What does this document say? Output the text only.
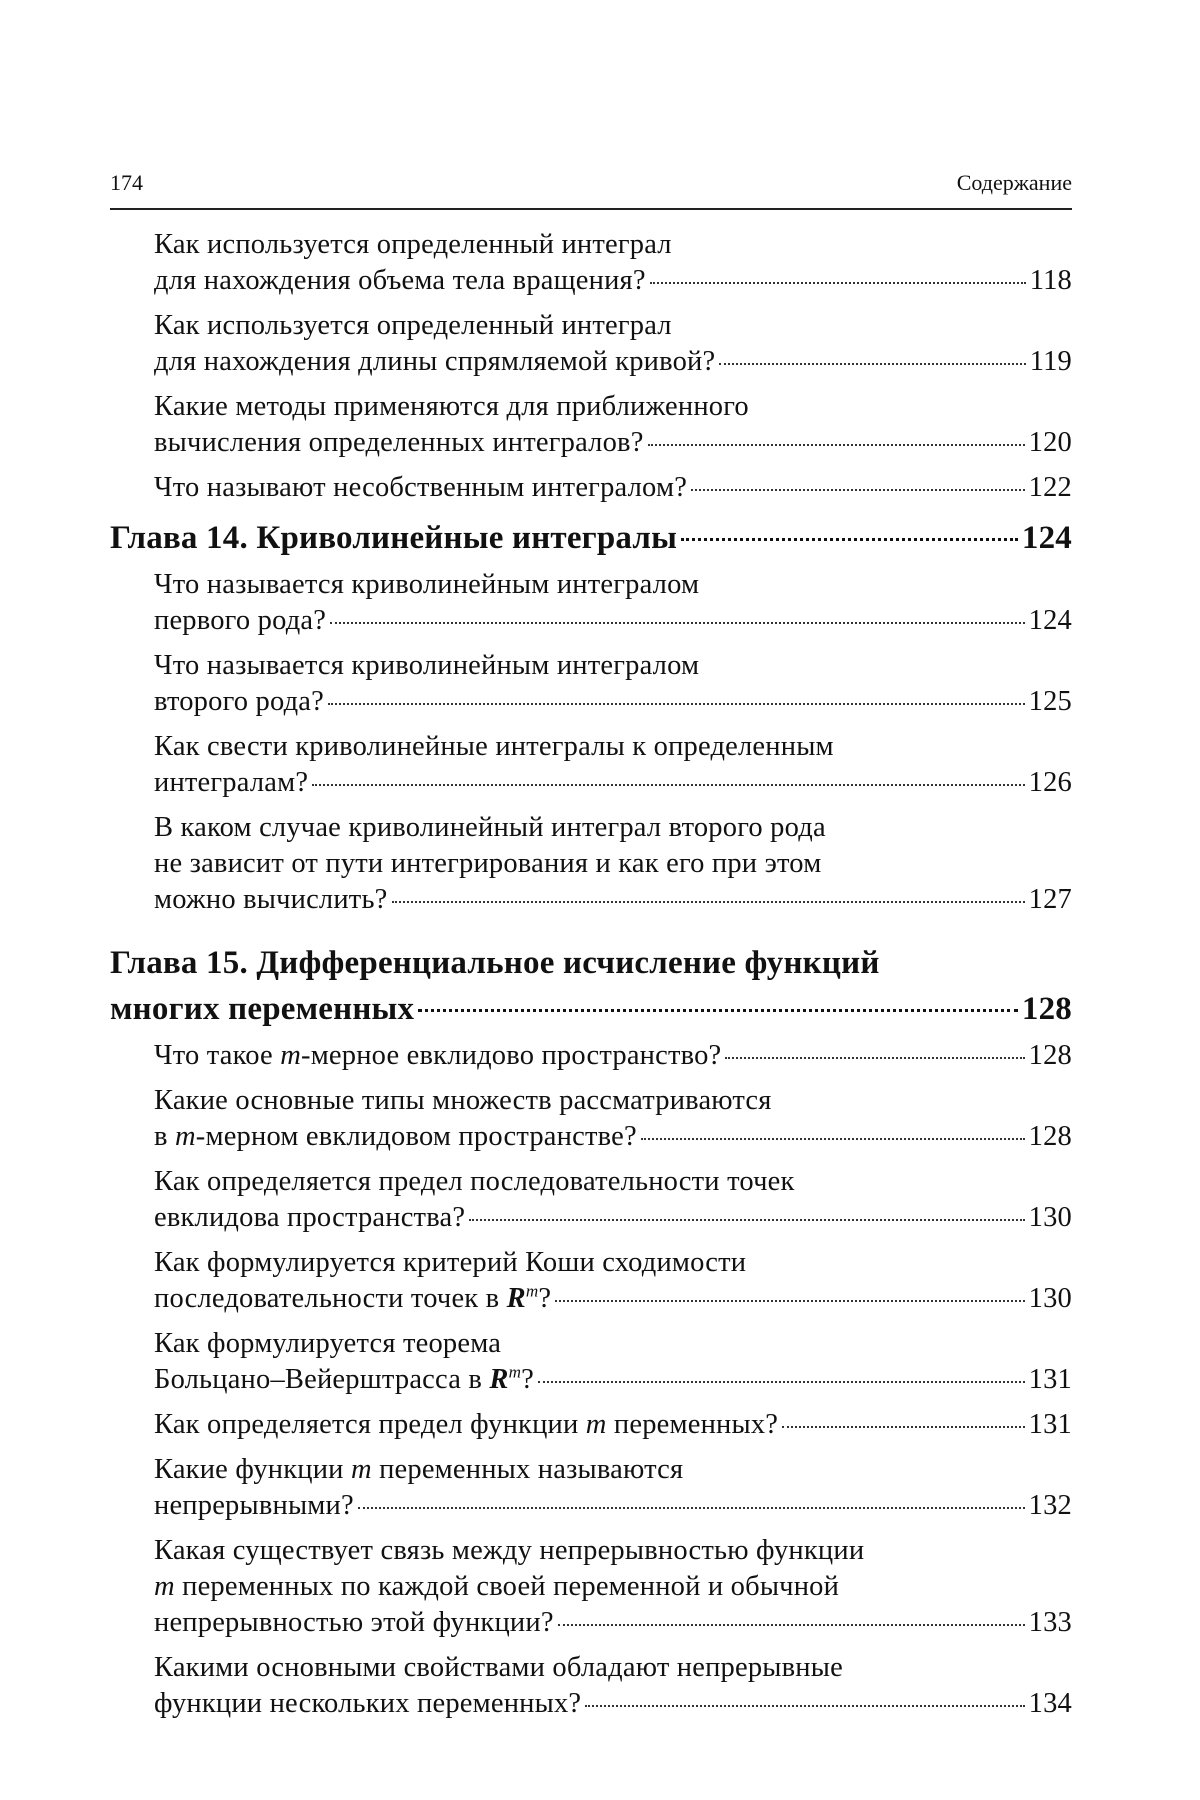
174	Содержание
Как используется определенный интеграл
для нахождения объема тела вращения?	118
Как используется определенный интеграл
для нахождения длины спрямляемой кривой?	119
Какие методы применяются для приближенного
вычисления определенных интегралов?	120
Что называют несобственным интегралом?	122
Глава 14. Криволинейные интегралы	124
Что называется криволинейным интегралом
первого рода?	124
Что называется криволинейным интегралом
второго рода?	125
Как свести криволинейные интегралы к определенным
интегралам?	126
В каком случае криволинейный интеграл второго рода
не зависит от пути интегрирования и как его при этом
можно вычислить?	127
Глава 15. Дифференциальное исчисление функций
многих переменных	128
Что такое m-мерное евклидово пространство?	128
Какие основные типы множеств рассматриваются
в m-мерном евклидовом пространстве?	128
Как определяется предел последовательности точек
евклидова пространства?	130
Как формулируется критерий Коши сходимости
последовательности точек в $R^m$?	130
Как формулируется теорема
Больцано–Вейерштрасса в $R^m$?	131
Как определяется предел функции m переменных?	131
Какие функции m переменных называются
непрерывными?	132
Какая существует связь между непрерывностью функции
m переменных по каждой своей переменной и обычной
непрерывностью этой функции?	133
Какими основными свойствами обладают непрерывные
функции нескольких переменных?	134
